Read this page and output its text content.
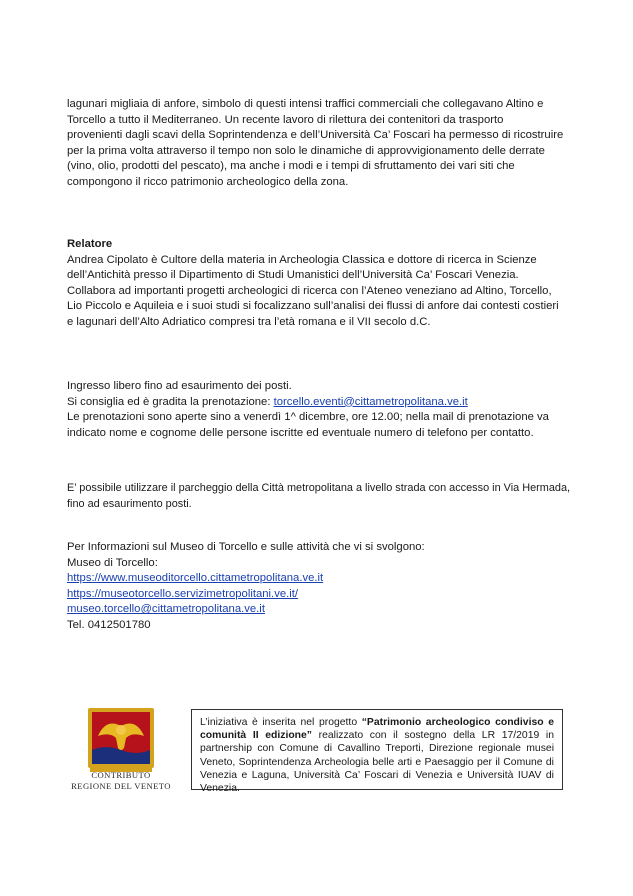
lagunari migliaia di anfore, simbolo di questi intensi traffici commerciali che collegavano Altino e
Torcello a tutto il Mediterraneo. Un recente lavoro di rilettura dei contenitori da trasporto
provenienti dagli scavi della Soprintendenza e dell’Università Ca’ Foscari ha permesso di ricostruire
per la prima volta attraverso il tempo non solo le dinamiche di approvvigionamento delle derrate
(vino, olio, prodotti del pescato), ma anche i modi e i tempi di sfruttamento dei vari siti che
compongono il ricco patrimonio archeologico della zona.
Relatore
Andrea Cipolato è Cultore della materia in Archeologia Classica e dottore di ricerca in Scienze
dell’Antichità presso il Dipartimento di Studi Umanistici dell’Università Ca’ Foscari Venezia.
Collabora ad importanti progetti archeologici di ricerca con l’Ateneo veneziano ad Altino, Torcello,
Lio Piccolo e Aquileia e i suoi studi si focalizzano sull’analisi dei flussi di anfore dai contesti costieri
e lagunari dell’Alto Adriatico compresi tra l’età romana e il VII secolo d.C.
Ingresso libero fino ad esaurimento dei posti.
Si consiglia ed è gradita la prenotazione: torcello.eventi@cittametropolitana.ve.it
Le prenotazioni sono aperte sino a venerdì 1^ dicembre, ore 12.00; nella mail di prenotazione va
indicato nome e cognome delle persone iscritte ed eventuale numero di telefono per contatto.
E’ possibile utilizzare il parcheggio della Città metropolitana a livello strada con accesso in Via Hermada,
fino ad esaurimento posti.
Per Informazioni sul Museo di Torcello e sulle attività che vi si svolgono:
Museo di Torcello:
https://www.museoditorcello.cittametropolitana.ve.it
https://museotorcello.servizimetropolitani.ve.it/
museo.torcello@cittametropolitana.ve.it
Tel. 0412501780
CONTRIBUTO
REGIONE DEL VENETO
L’iniziativa è inserita nel progetto “Patrimonio archeologico condiviso e comunità II edizione” realizzato con il sostegno della LR 17/2019 in partnership con Comune di Cavallino Treporti, Direzione regionale musei Veneto, Soprintendenza Archeologia belle arti e Paesaggio per il Comune di Venezia e Laguna, Università Ca’ Foscari di Venezia e Università IUAV di Venezia.
